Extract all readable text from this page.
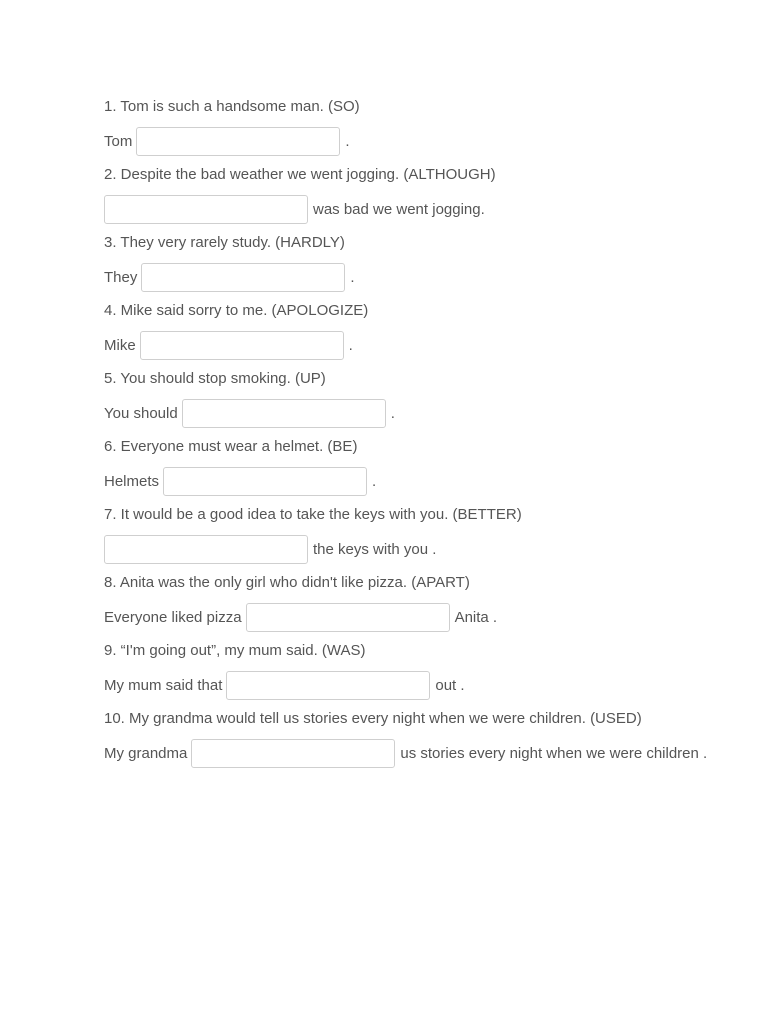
1. Tom is such a handsome man. (SO)
Tom	.
2. Despite the bad weather we went jogging. (ALTHOUGH)
was bad we went jogging.
3. They very rarely study. (HARDLY)
They	.
4. Mike said sorry to me. (APOLOGIZE)
Mike	.
5. You should stop smoking. (UP)
You should	.
6. Everyone must wear a helmet. (BE)
Helmets	.
7. It would be a good idea to take the keys with you. (BETTER)
the keys with you .
8. Anita was the only girl who didn't like pizza. (APART)
Everyone liked pizza	Anita .
9. “I'm going out”, my mum said. (WAS)
My mum said that	out .
10. My grandma would tell us stories every night when we were children. (USED)
My grandma	us stories every night when we were children .
